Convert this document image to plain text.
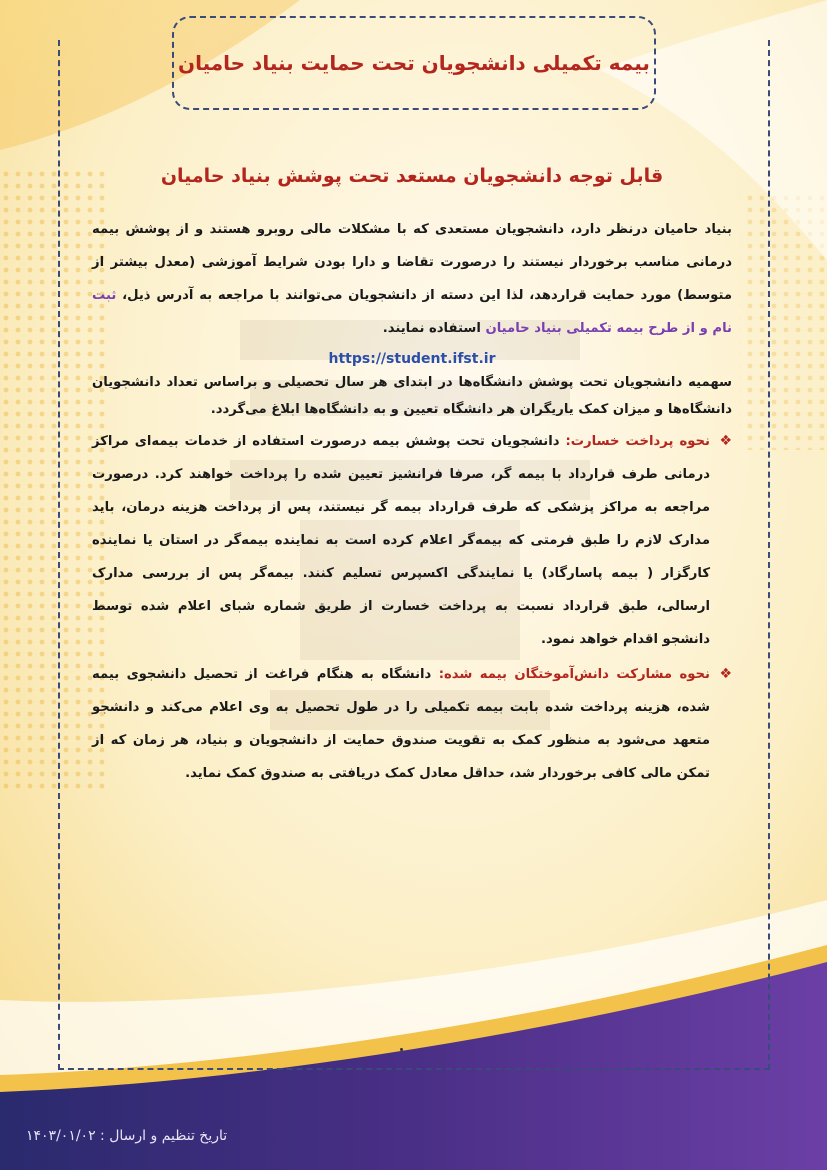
بیمه تکمیلی دانشجویان تحت حمایت بنیاد حامیان
قابل توجه دانشجویان مستعد تحت پوشش بنیاد حامیان

بنیاد حامیان درنظر دارد، دانشجویان مستعدی که با مشکلات مالی روبرو هستند و از پوشش بیمه درمانی مناسب برخوردار نیستند را درصورت تقاضا و دارا بودن شرایط آموزشی (معدل بیشتر از متوسط) مورد حمایت قراردهد، لذا این دسته از دانشجویان می‌توانند با مراجعه به آدرس ذیل، ثبت نام و از طرح بیمه تکمیلی بنیاد حامیان استفاده نمایند.

https://student.ifst.ir

سهمیه دانشجویان تحت پوشش دانشگاه‌ها در ابتدای هر سال تحصیلی و براساس تعداد دانشجویان دانشگاه‌ها و میزان کمک یاریگران هر دانشگاه تعیین و به دانشگاه‌ها ابلاغ می‌گردد.

❖
نحوه پرداخت خسارت: دانشجویان تحت پوشش بیمه درصورت استفاده از خدمات بیمه‌ای مراکز درمانی طرف قرارداد با بیمه گر، صرفا فرانشیز تعیین شده را پرداخت خواهند کرد. درصورت مراجعه به مراکز پزشکی که طرف قرارداد بیمه گر نیستند، پس از پرداخت هزینه درمان، باید مدارک لازم را طبق فرمتی که بیمه‌گر اعلام کرده است به نماینده بیمه‌گر در استان یا نماینده کارگزار ( بیمه پاسارگاد) یا نمایندگی اکسپرس تسلیم کنند. بیمه‌گر پس از بررسی مدارک ارسالی، طبق قرارداد نسبت به پرداخت خسارت از طریق شماره شبای اعلام شده توسط دانشجو اقدام خواهد نمود.
❖
نحوه مشارکت دانش‌آموختگان بیمه شده: دانشگاه به هنگام فراغت از تحصیل دانشجوی بیمه شده، هزینه پرداخت شده بابت بیمه تکمیلی را در طول تحصیل به وی اعلام می‌کند و دانشجو متعهد می‌شود به منظور کمک به تقویت صندوق حمایت از دانشجویان و بنیاد، هر زمان که از تمکن مالی کافی برخوردار شد، حداقل معادل کمک دریافتی به صندوق کمک نماید.
تاریخ تنظیم و ارسال : ۱۴۰۳/۰۱/۰۲
